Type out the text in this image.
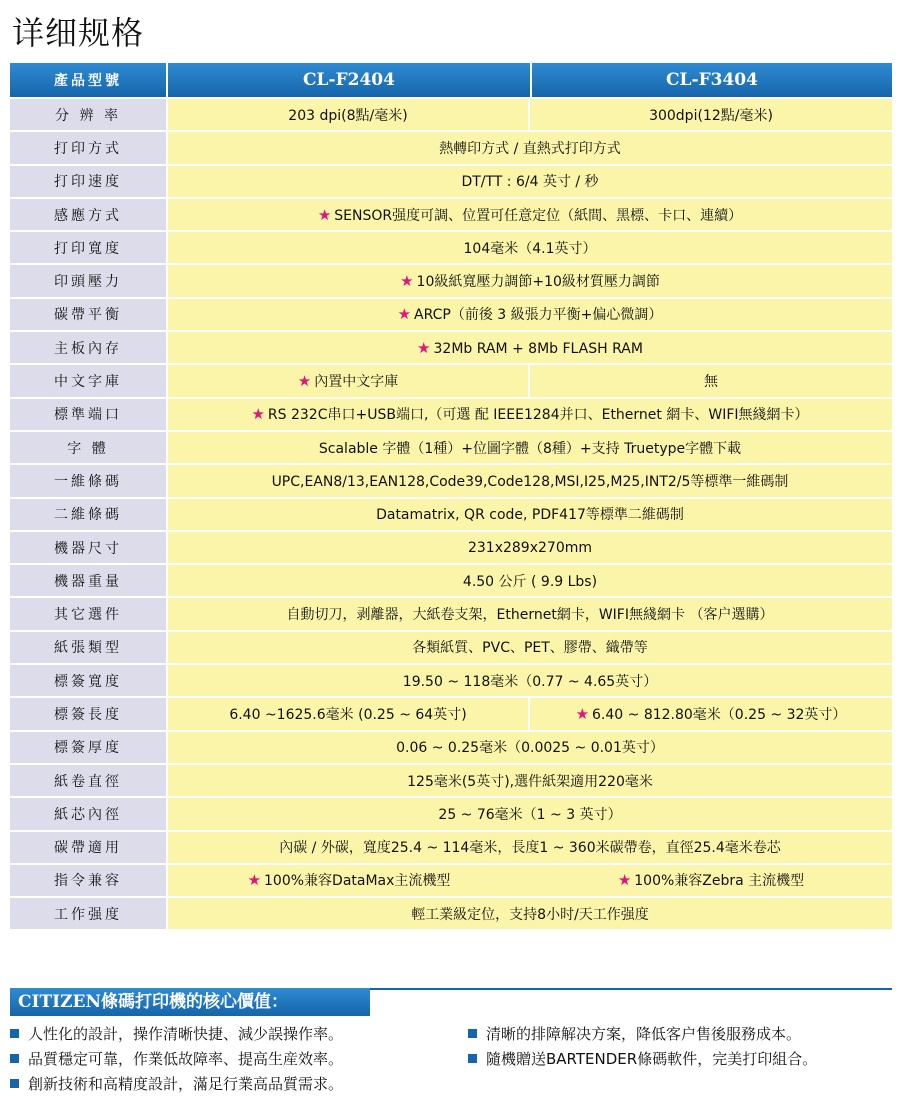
详细规格
產品型號	CL-F2404	CL-F3404
分 辨 率	203 dpi(8點/毫米)	300dpi(12點/毫米)
打印方式	熱轉印方式 / 直熱式打印方式	
打印速度	DT/TT : 6/4 英寸 / 秒	
感應方式	★ SENSOR强度可調、位置可任意定位（紙間、黑標、卡口、連續）	
打印寬度	104毫米（4.1英寸）	
印頭壓力	★ 10級紙寬壓力調節+10級材質壓力調節	
碳帶平衡	★ ARCP（前後 3 級張力平衡+偏心微調）	
主板內存	★ 32Mb RAM + 8Mb FLASH RAM	
中文字庫	★ 內置中文字庫	無
標準端口	★ RS 232C串口+USB端口,（可選 配 IEEE1284并口、Ethernet 網卡、WIFI無綫網卡）	
字 體	Scalable 字體（1種）+位圖字體（8種）+支持 Truetype字體下載	
一維條碼	UPC,EAN8/13,EAN128,Code39,Code128,MSI,I25,M25,INT2/5等標準一維碼制	
二維條碼	Datamatrix, QR code, PDF417等標準二維碼制	
機器尺寸	231x289x270mm	
機器重量	4.50 公斤 ( 9.9 Lbs)	
其它選件	自動切刀，剥離器，大紙卷支架，Ethernet網卡，WIFI無綫網卡 （客户選購）	
紙張類型	各類紙質、PVC、PET、膠帶、織帶等	
標簽寬度	19.50 ~ 118毫米（0.77 ~ 4.65英寸）	
標簽長度	6.40 ~1625.6毫米 (0.25 ~ 64英寸)	★ 6.40 ~ 812.80毫米（0.25 ~ 32英寸）
標簽厚度	0.06 ~ 0.25毫米（0.0025 ~ 0.01英寸）	
紙卷直徑	125毫米(5英寸),選件紙架適用220毫米	
紙芯內徑	25 ~ 76毫米（1 ~ 3 英寸）	
碳帶適用	內碳 / 外碳，寬度25.4 ~ 114毫米，長度1 ~ 360米碳帶卷，直徑25.4毫米卷芯	
指令兼容	★ 100%兼容DataMax主流機型	★ 100%兼容Zebra 主流機型
工作强度	輕工業級定位，支持8小时/天工作强度	
CITIZEN條碼打印機的核心價值：
人性化的設計，操作清晰快捷、減少誤操作率。
品質穩定可靠，作業低故障率、提高生産效率。
創新技術和高精度設計，滿足行業高品質需求。
清晰的排障解决方案，降低客户售後服務成本。
隨機贈送BARTENDER條碼軟件，完美打印組合。
